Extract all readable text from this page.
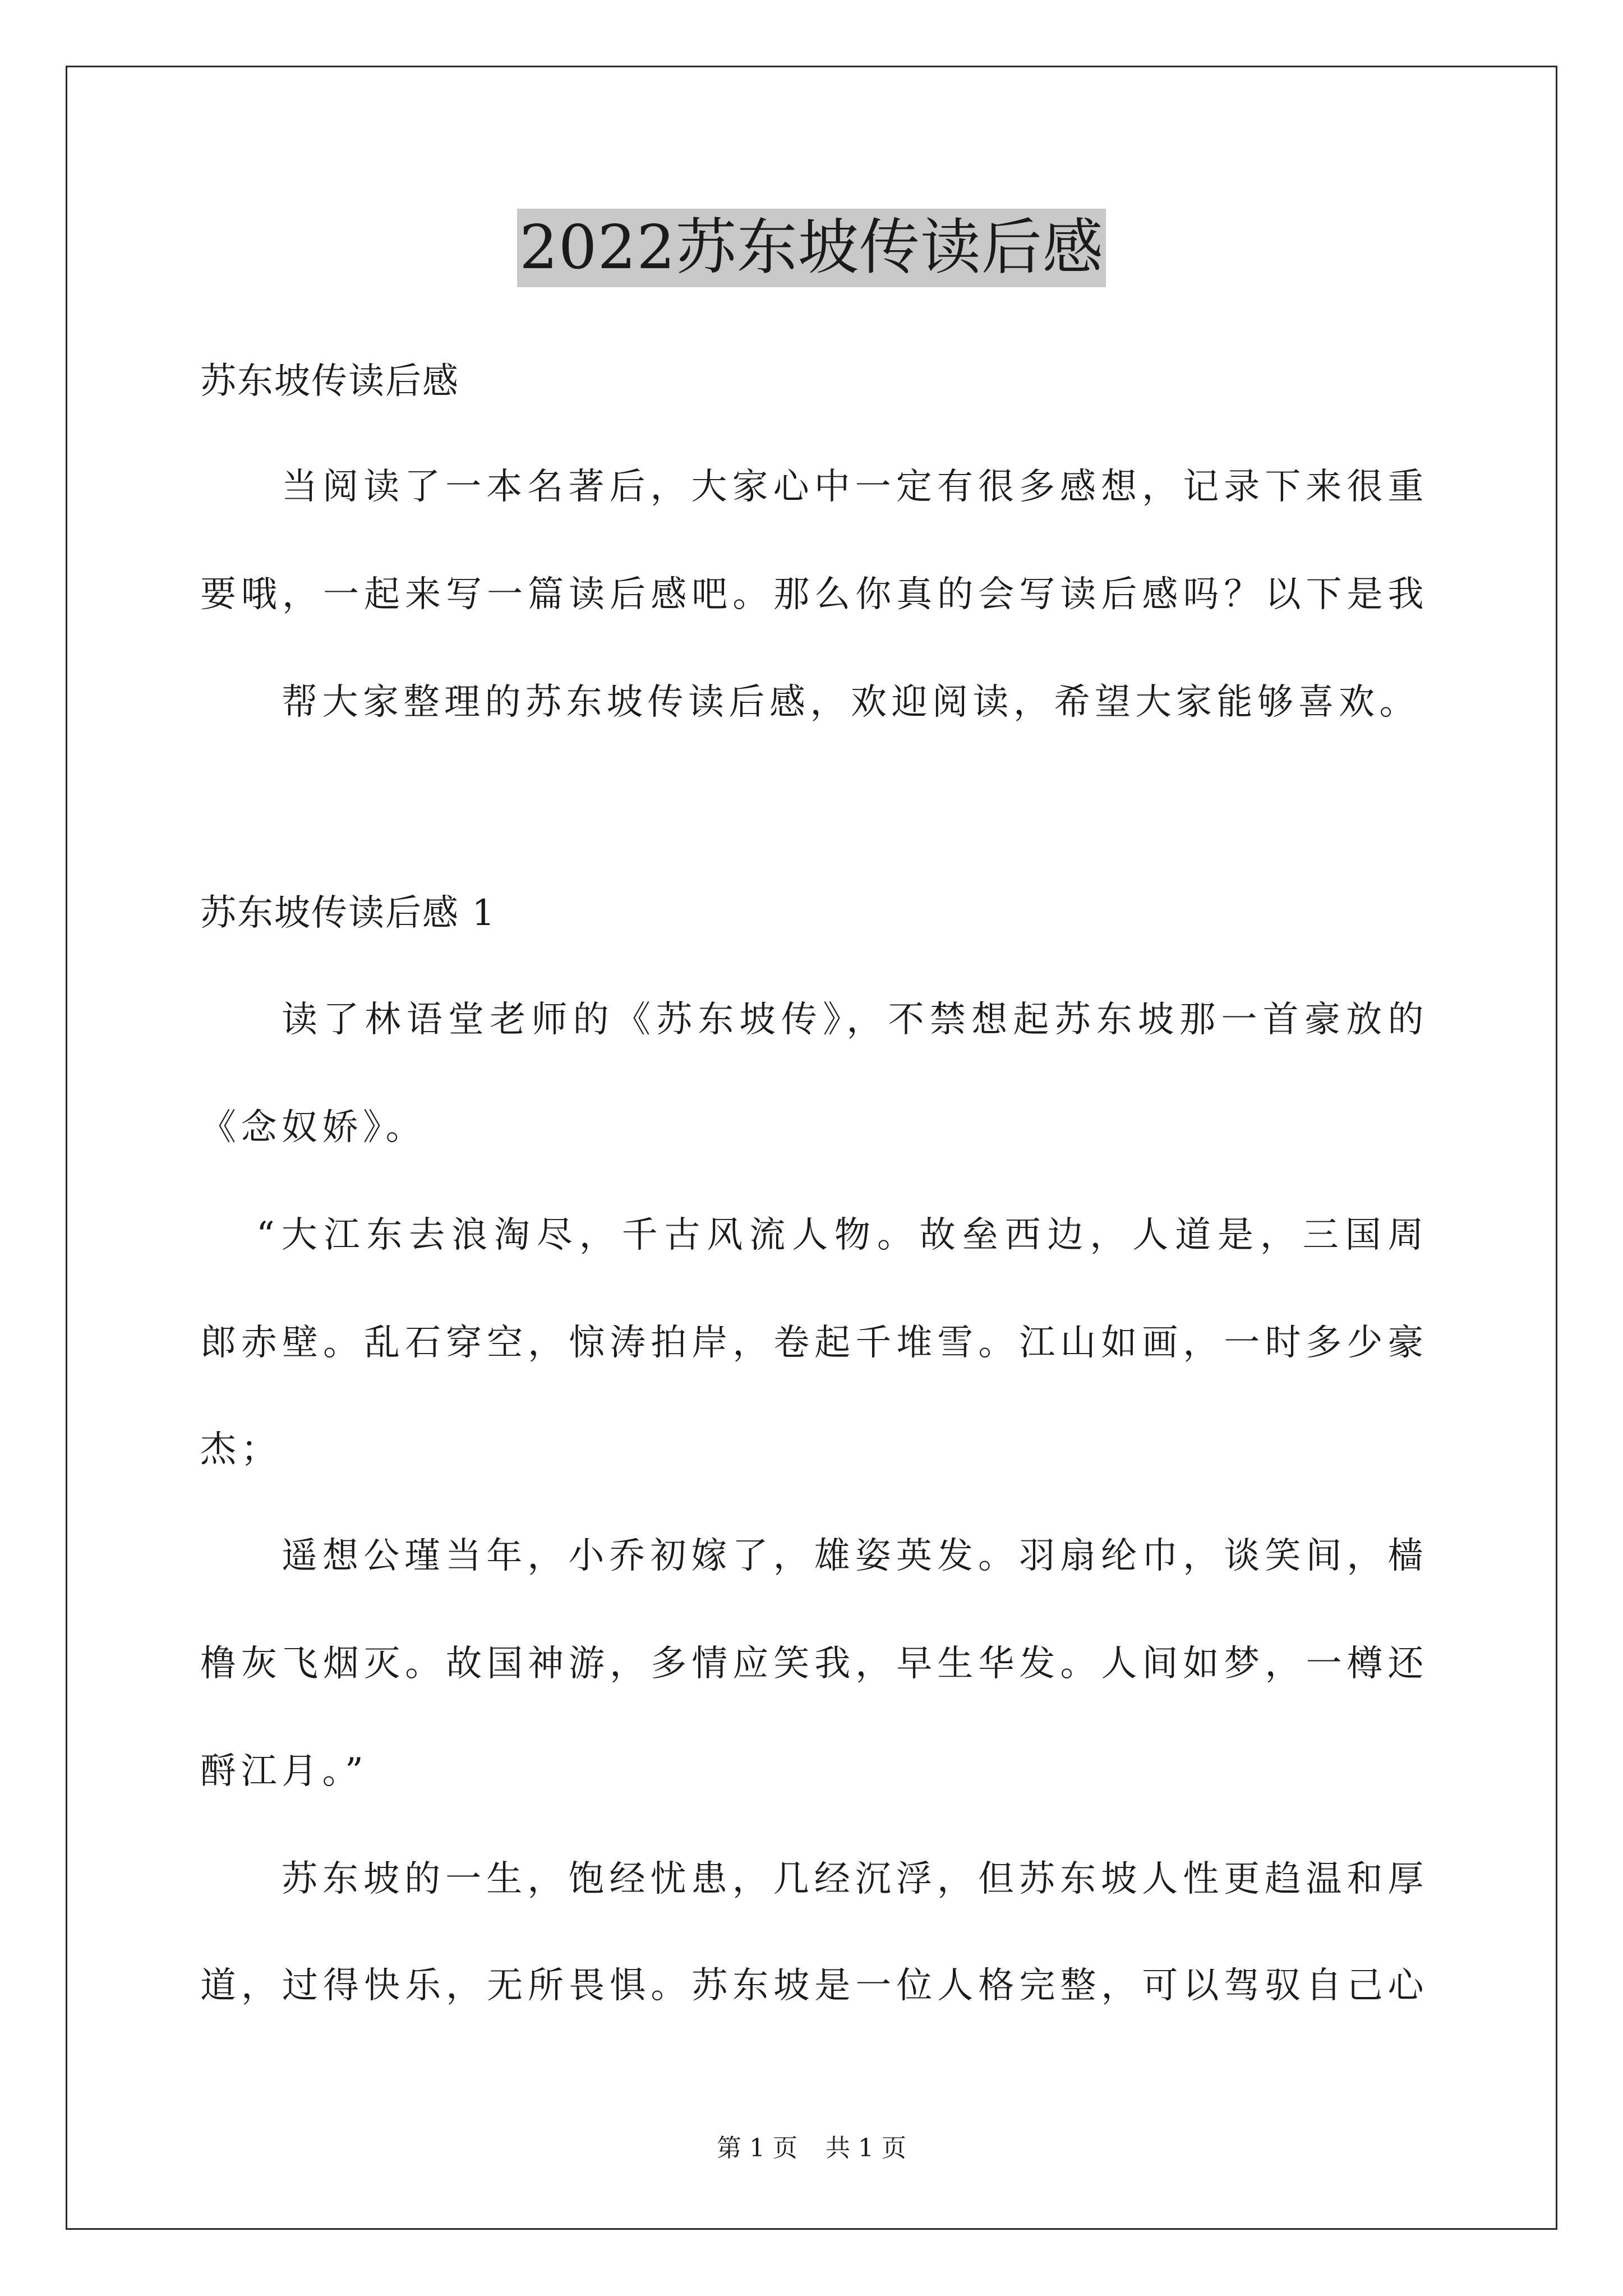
2022苏东坡传读后感
苏东坡传读后感
当阅读了一本名著后，大家心中一定有很多感想，记录下来很重
要哦，一起来写一篇读后感吧。那么你真的会写读后感吗？以下是我
帮大家整理的苏东坡传读后感，欢迎阅读，希望大家能够喜欢。
苏东坡传读后感 1
读了林语堂老师的《苏东坡传》，不禁想起苏东坡那一首豪放的
《念奴娇》。
“大江东去浪淘尽，千古风流人物。故垒西边，人道是，三国周
郎赤壁。乱石穿空，惊涛拍岸，卷起千堆雪。江山如画，一时多少豪
杰；
遥想公瑾当年，小乔初嫁了，雄姿英发。羽扇纶巾，谈笑间，樯
橹灰飞烟灭。故国神游，多情应笑我，早生华发。人间如梦，一樽还
酹江月。”
苏东坡的一生，饱经忧患，几经沉浮，但苏东坡人性更趋温和厚
道，过得快乐，无所畏惧。苏东坡是一位人格完整，可以驾驭自己心
第 1 页 共 1 页
